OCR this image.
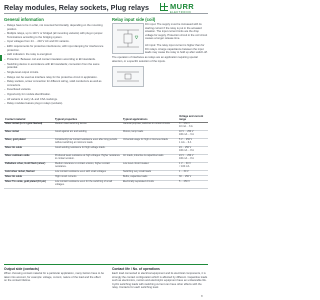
Relay modules, Relay sockets, Plug relays	MURR
ELEKTRONIK
General information
– Relays have to be in a flat, not mounted horizontally, depending on the mounting position.
– Multiple relays, up to 110 V or bridged (all mounting variants) with plug-in jumper. Terminations according to the bridging system.
– Input voltages from 24 ... 240 V AC and DC variants.
– EMC requirements for protective interference; with input damping for interference protection.
– LED indication: the relay is energized.
– Protection: Between coil and contact insulation according to EN standards.
– Switching device in accordance with EN standards; connection from the same potential.
– Single-level output circuits.
– Relays can be used as interface relay for the protective circuit in application.
– Relay sockets, screw connection for different wiring, solid conductors as well as connectors.
– Fuse/fused variants.
– Opportunity for module identification.
– All variants to carry UL and CSA markings.
– Relay modules feature plug-in relays (sockets).
Relay input side (coil)
DC input: The supply must be increased with its starting current if the relay is put in the actuated situation. The input current limits are the drop voltage for supply. Protection circuit in the coil circuit causes a longer release time.
AC input: The relay input current is higher than for DC relays. A large capacitance between the input leads may cause the relay to hold up after switch-off.
The operation of interfaces as relays are an application requiring special attention, or a specific selection of the inputs.
Contact material	Typical properties	Typical applications	Voltage and current range
Silver nickel (to 0.1 gold flashed)	Medium load switching device	General purpose; switches in control circuits	5 ... 250 V
10 mA ... 6 A
Silver nickel	Good against arc and welding	Motors, lamp loads	10 V ... 250 V
100 mA ... 6 A
Silver, gold plated	Consistently low contact resistance even after long periods without switching at minimum loads.	Universal usage for high or low level loads	5 V ... 250 V
1 mA ... 6 A
Silver tin oxide	Good welding resistance for high-voltage loads.		24 ... 250 V
100 mA ... 8 A
Silver cadmium oxide	Produced wear resistance at high voltages. Higher resistance to contact erosion.	AC loads, inductive & capacitive loads	24 V ... 250 V
100 mA ... 8 A
Palladium silver, Gold/ flash (silver)	Medium tolerance to contact erosion, higher contact resistance.	Low level circuit breaker.	1 V ... 30 V
< 100 mA
Gold silver nickel, flashed	Low contact resistance even with small voltages	Switching very small loads	1 ... 30 V
Silver tin oxide	High inrush currents	Bulbs, capacitive loads	30 ... 250 V
Silver Tin oxide, gold plated (10 µm)	Low contact resistance even for the switching of small voltages.	Electrically separated circuits	5 ... 250 V
Output side (contacts)
When choosing contact material for a particular application, many factors have to be taken into account, for example: voltage, current, nature of the load and the effect on the contact lifetime.
Contact life / No. of operations
Each load connected to electrical equipment and its electrical components, it is strongly the contact configuration which is affected by different. Capacitive loads such as electronics, motors and electrolytic equipment have an unfavorable life. Cyclic switching loads with switching current can have other effects with the relay. Contacts for each switching level.
8
